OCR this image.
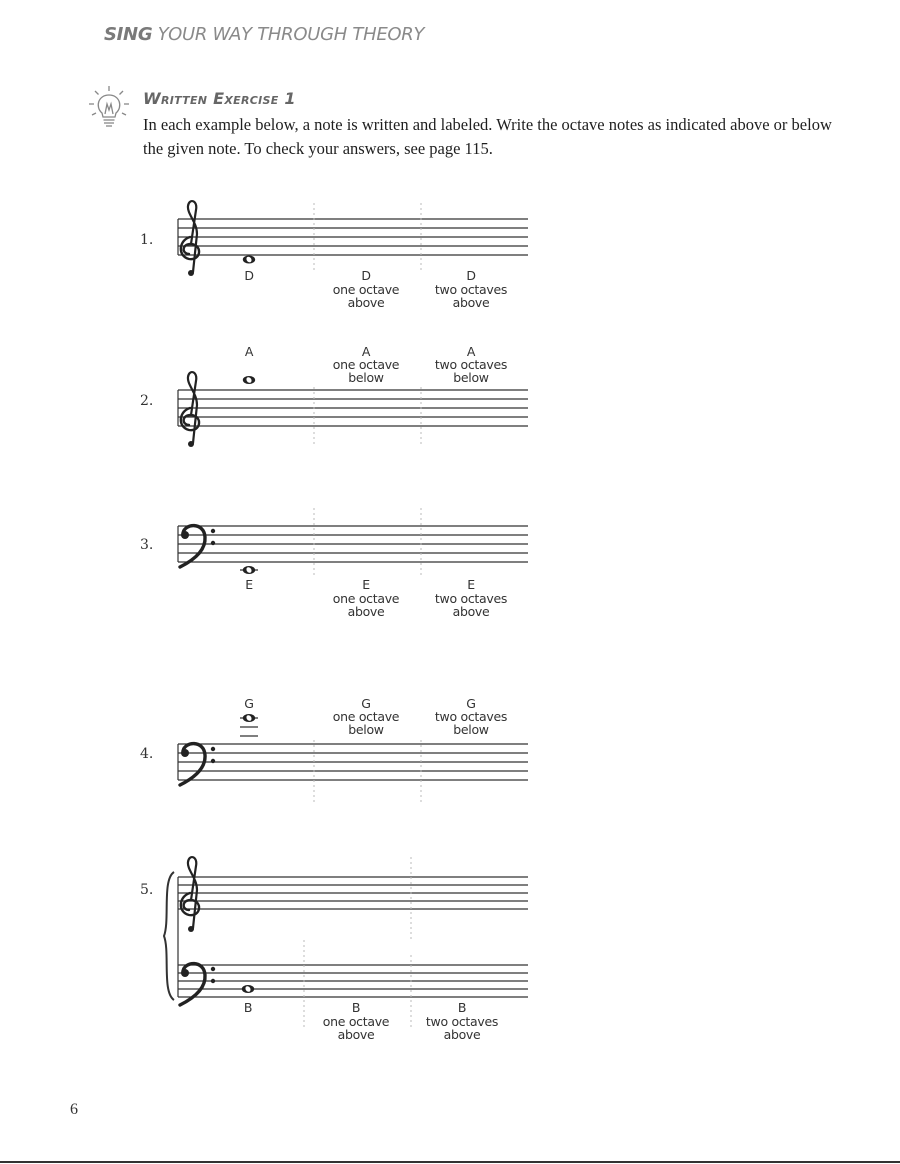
SING YOUR WAY THROUGH THEORY
Written Exercise 1
In each example below, a note is written and labeled. Write the octave notes as indicated above or below the given note. To check your answers, see page 115.
1.
2.
3.
4.
5.
D	D
one octave
above
D
two octaves
above
A	A
one octave
below
A
two octaves
below
E	E
one octave
above
E
two octaves
above
G	G
one octave
below
G
two octaves
below
B	B
one octave
above
B
two octaves
above
6
